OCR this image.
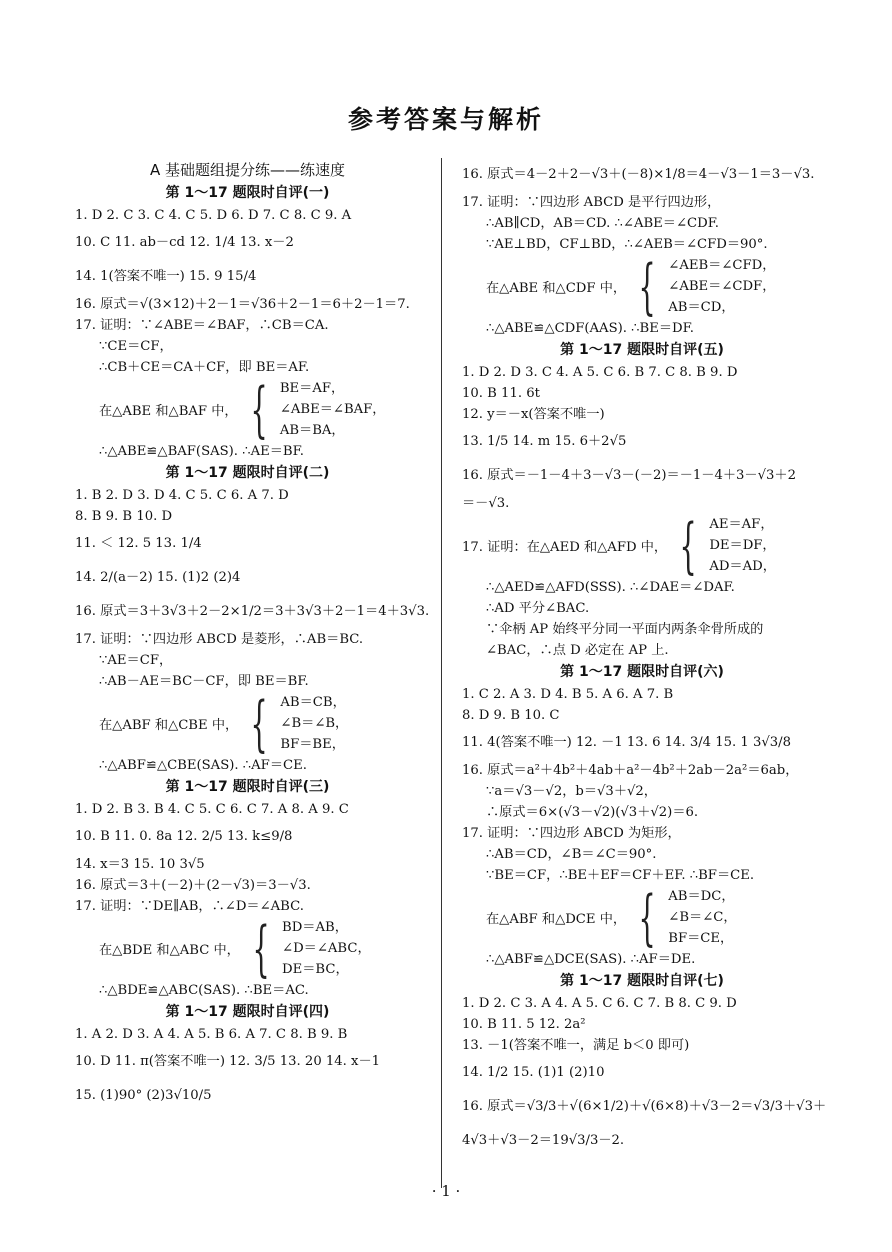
参考答案与解析
A 基础题组提分练——练速度
第 1～17 题限时自评(一)
1. D 2. C 3. C 4. C 5. D 6. D 7. C 8. C 9. A
10. C 11. ab－cd 12. 1/4 13. x－2
14. 1(答案不唯一) 15. 9 15/4
16. 原式＝√(3×12)＋2－1＝√36＋2－1＝6＋2－1＝7.
17. 证明：∵∠ABE＝∠BAF，∴CB＝CA.
∵CE＝CF，
∴CB＋CE＝CA＋CF，即 BE＝AF.
在△ABE 和△BAF 中， { BE＝AF，
∠ABE＝∠BAF，
AB＝BA，
∴△ABE≌△BAF(SAS). ∴AE＝BF.
第 1～17 题限时自评(二)
1. B 2. D 3. D 4. C 5. C 6. A 7. D
8. B 9. B 10. D
11. ＜ 12. 5 13. 1/4
14. 2/(a－2) 15. (1)2 (2)4
16. 原式＝3＋3√3＋2－2×1/2＝3＋3√3＋2－1＝4＋3√3.
17. 证明：∵四边形 ABCD 是菱形，∴AB＝BC.
∵AE＝CF，
∴AB－AE＝BC－CF，即 BE＝BF.
在△ABF 和△CBE 中， { AB＝CB，
∠B＝∠B，
BF＝BE，
∴△ABF≌△CBE(SAS). ∴AF＝CE.
第 1～17 题限时自评(三)
1. D 2. B 3. B 4. C 5. C 6. C 7. A 8. A 9. C
10. B 11. 0. 8a 12. 2/5 13. k≤9/8
14. x＝3 15. 10 3√5
16. 原式＝3＋(－2)＋(2－√3)＝3－√3.
17. 证明：∵DE∥AB，∴∠D＝∠ABC.
在△BDE 和△ABC 中， { BD＝AB，
∠D＝∠ABC，
DE＝BC，
∴△BDE≌△ABC(SAS). ∴BE＝AC.
第 1～17 题限时自评(四)
1. A 2. D 3. A 4. A 5. B 6. A 7. C 8. B 9. B
10. D 11. π(答案不唯一) 12. 3/5 13. 20 14. x－1
15. (1)90° (2)3√10/5
16. 原式＝4－2＋2－√3＋(－8)×1/8＝4－√3－1＝3－√3.
17. 证明：∵四边形 ABCD 是平行四边形，
∴AB∥CD，AB＝CD. ∴∠ABE＝∠CDF.
∵AE⊥BD，CF⊥BD，∴∠AEB＝∠CFD＝90°.
在△ABE 和△CDF 中， { ∠AEB＝∠CFD，
∠ABE＝∠CDF，
AB＝CD，
∴△ABE≌△CDF(AAS). ∴BE＝DF.
第 1～17 题限时自评(五)
1. D 2. D 3. C 4. A 5. C 6. B 7. C 8. B 9. D
10. B 11. 6t
12. y＝－x(答案不唯一)
13. 1/5 14. m 15. 6＋2√5
16. 原式＝－1－4＋3－√3－(－2)＝－1－4＋3－√3＋2
＝－√3.
17. 证明：在△AED 和△AFD 中， { AE＝AF，
DE＝DF，
AD＝AD，
∴△AED≌△AFD(SSS). ∴∠DAE＝∠DAF.
∴AD 平分∠BAC.
∵伞柄 AP 始终平分同一平面内两条伞骨所成的
∠BAC，∴点 D 必定在 AP 上.
第 1～17 题限时自评(六)
1. C 2. A 3. D 4. B 5. A 6. A 7. B
8. D 9. B 10. C
11. 4(答案不唯一) 12. －1 13. 6 14. 3/4 15. 1 3√3/8
16. 原式＝a²＋4b²＋4ab＋a²－4b²＋2ab－2a²＝6ab，
∵a＝√3－√2，b＝√3＋√2，
∴原式＝6×(√3－√2)(√3＋√2)＝6.
17. 证明：∵四边形 ABCD 为矩形，
∴AB＝CD，∠B＝∠C＝90°.
∵BE＝CF，∴BE＋EF＝CF＋EF. ∴BF＝CE.
在△ABF 和△DCE 中， { AB＝DC，
∠B＝∠C，
BF＝CE，
∴△ABF≌△DCE(SAS). ∴AF＝DE.
第 1～17 题限时自评(七)
1. D 2. C 3. A 4. A 5. C 6. C 7. B 8. C 9. D
10. B 11. 5 12. 2a²
13. －1(答案不唯一，满足 b＜0 即可)
14. 1/2 15. (1)1 (2)10
16. 原式＝√3/3＋√(6×1/2)＋√(6×8)＋√3－2＝√3/3＋√3＋
4√3＋√3－2＝19√3/3－2.
· 1 ·
